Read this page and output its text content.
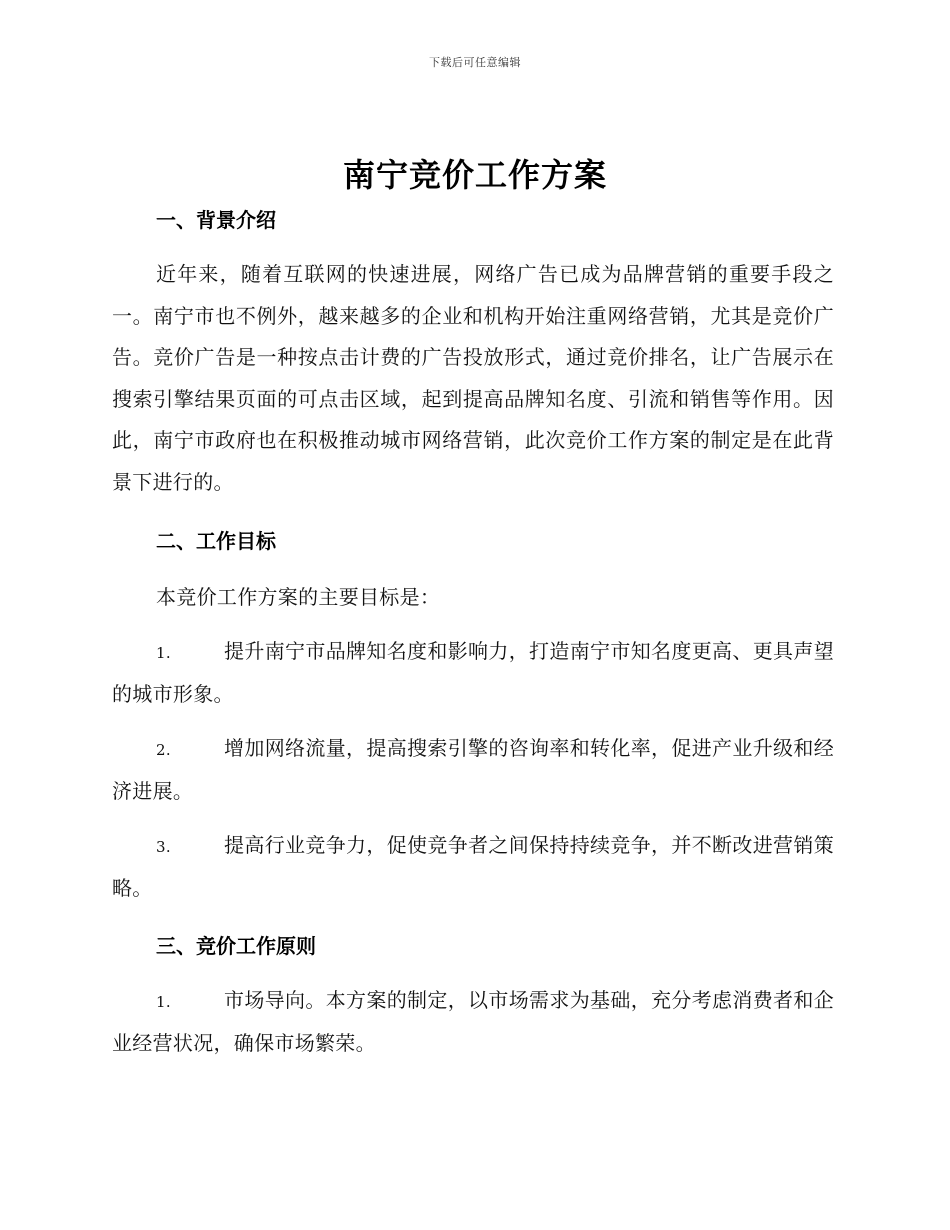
下载后可任意编辑
南宁竞价工作方案
一、背景介绍
近年来，随着互联网的快速进展，网络广告已成为品牌营销的重要手段之一。南宁市也不例外，越来越多的企业和机构开始注重网络营销，尤其是竞价广告。竞价广告是一种按点击计费的广告投放形式，通过竞价排名，让广告展示在搜索引擎结果页面的可点击区域，起到提高品牌知名度、引流和销售等作用。因此，南宁市政府也在积极推动城市网络营销，此次竞价工作方案的制定是在此背景下进行的。
二、工作目标
本竞价工作方案的主要目标是：
1.	提升南宁市品牌知名度和影响力，打造南宁市知名度更高、更具声望的城市形象。
2.	增加网络流量，提高搜索引擎的咨询率和转化率，促进产业升级和经济进展。
3.	提高行业竞争力，促使竞争者之间保持持续竞争，并不断改进营销策略。
三、竞价工作原则
1.	市场导向。本方案的制定，以市场需求为基础，充分考虑消费者和企业经营状况，确保市场繁荣。
